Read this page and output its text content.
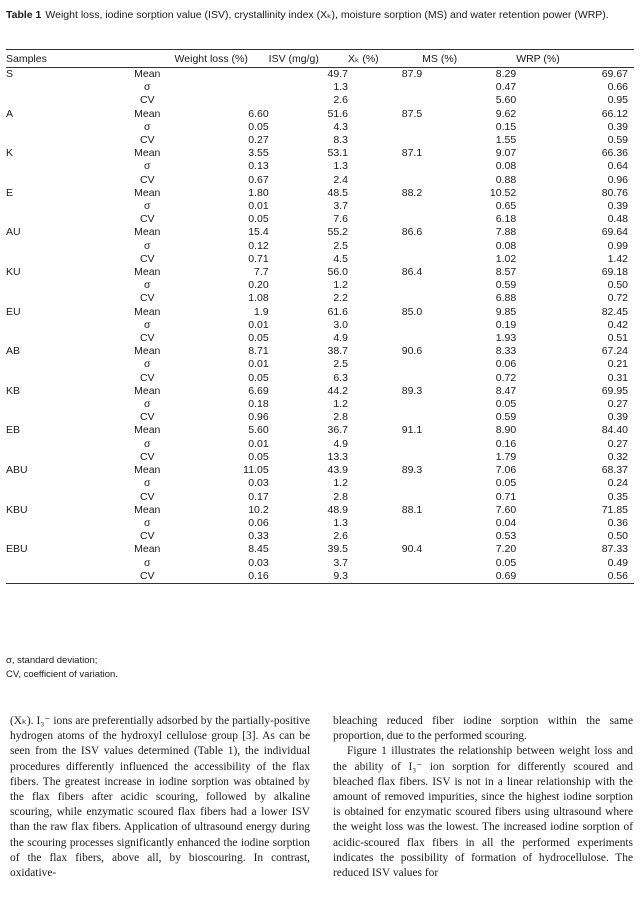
Table 1 Weight loss, iodine sorption value (ISV), crystallinity index (Xₖ), moisture sorption (MS) and water retention power (WRP).
Samples		Weight loss (%)	ISV (mg/g)	Xₖ (%)	MS (%)	WRP (%)
S	Mean		49.7	87.9	8.29	69.67
	σ		1.3		0.47	0.66
	CV		2.6		5.60	0.95
A	Mean	6.60	51.6	87.5	9.62	66.12
	σ	0.05	4.3		0.15	0.39
	CV	0.27	8.3		1.55	0.59
K	Mean	3.55	53.1	87.1	9.07	66.36
	σ	0.13	1.3		0.08	0.64
	CV	0.67	2.4		0.88	0.96
E	Mean	1.80	48.5	88.2	10.52	80.76
	σ	0.01	3.7		0.65	0.39
	CV	0.05	7.6		6.18	0.48
AU	Mean	15.4	55.2	86.6	7.88	69.64
	σ	0.12	2.5		0.08	0.99
	CV	0.71	4.5		1.02	1.42
KU	Mean	7.7	56.0	86.4	8.57	69.18
	σ	0.20	1.2		0.59	0.50
	CV	1.08	2.2		6.88	0.72
EU	Mean	1.9	61.6	85.0	9.85	82.45
	σ	0.01	3.0		0.19	0.42
	CV	0.05	4.9		1.93	0.51
AB	Mean	8.71	38.7	90.6	8.33	67.24
	σ	0.01	2.5		0.06	0.21
	CV	0.05	6.3		0.72	0.31
KB	Mean	6.69	44.2	89.3	8.47	69.95
	σ	0.18	1.2		0.05	0.27
	CV	0.96	2.8		0.59	0.39
EB	Mean	5.60	36.7	91.1	8.90	84.40
	σ	0.01	4.9		0.16	0.27
	CV	0.05	13.3		1.79	0.32
ABU	Mean	11.05	43.9	89.3	7.06	68.37
	σ	0.03	1.2		0.05	0.24
	CV	0.17	2.8		0.71	0.35
KBU	Mean	10.2	48.9	88.1	7.60	71.85
	σ	0.06	1.3		0.04	0.36
	CV	0.33	2.6		0.53	0.50
EBU	Mean	8.45	39.5	90.4	7.20	87.33
	σ	0.03	3.7		0.05	0.49
	CV	0.16	9.3		0.69	0.56
σ, standard deviation;
CV, coefficient of variation.

(Xₖ). I₃⁻ ions are preferentially adsorbed by the partially-positive hydrogen atoms of the hydroxyl cellulose group [3]. As can be seen from the ISV values determined (Table 1), the individual procedures differently influenced the accessibility of the flax fibers. The greatest increase in iodine sorption was obtained by the flax fibers after acidic scouring, followed by alkaline scouring, while enzymatic scoured flax fibers had a lower ISV than the raw flax fibers. Application of ultrasound energy during the scouring processes significantly enhanced the iodine sorption of the flax fibers, above all, by bioscouring. In contrast, oxidative-

bleaching reduced fiber iodine sorption within the same proportion, due to the performed scouring.

Figure 1 illustrates the relationship between weight loss and the ability of I₃⁻ ion sorption for differently scoured and bleached flax fibers. ISV is not in a linear relationship with the amount of removed impurities, since the highest iodine sorption is obtained for enzymatic scoured fibers using ultrasound where the weight loss was the lowest. The increased iodine sorption of acidic-scoured flax fibers in all the performed experiments indicates the possibility of formation of hydrocellulose. The reduced ISV values for
